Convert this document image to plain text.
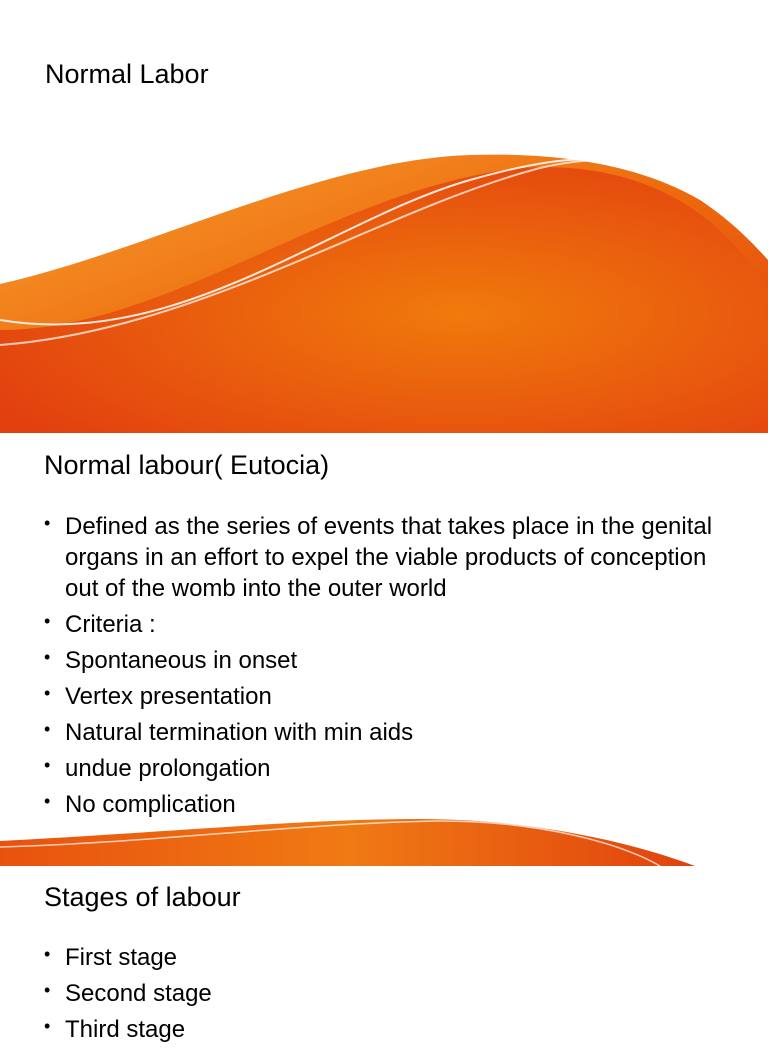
Normal Labor
Normal labour( Eutocia)
• Defined as the series of events that takes place in the genital organs in an effort to expel the viable products of conception out of the womb into the outer world
• Criteria :
• Spontaneous in onset
• Vertex presentation
• Natural termination with min aids
• undue prolongation
• No complication
Stages of labour
• First stage
• Second stage
• Third stage
